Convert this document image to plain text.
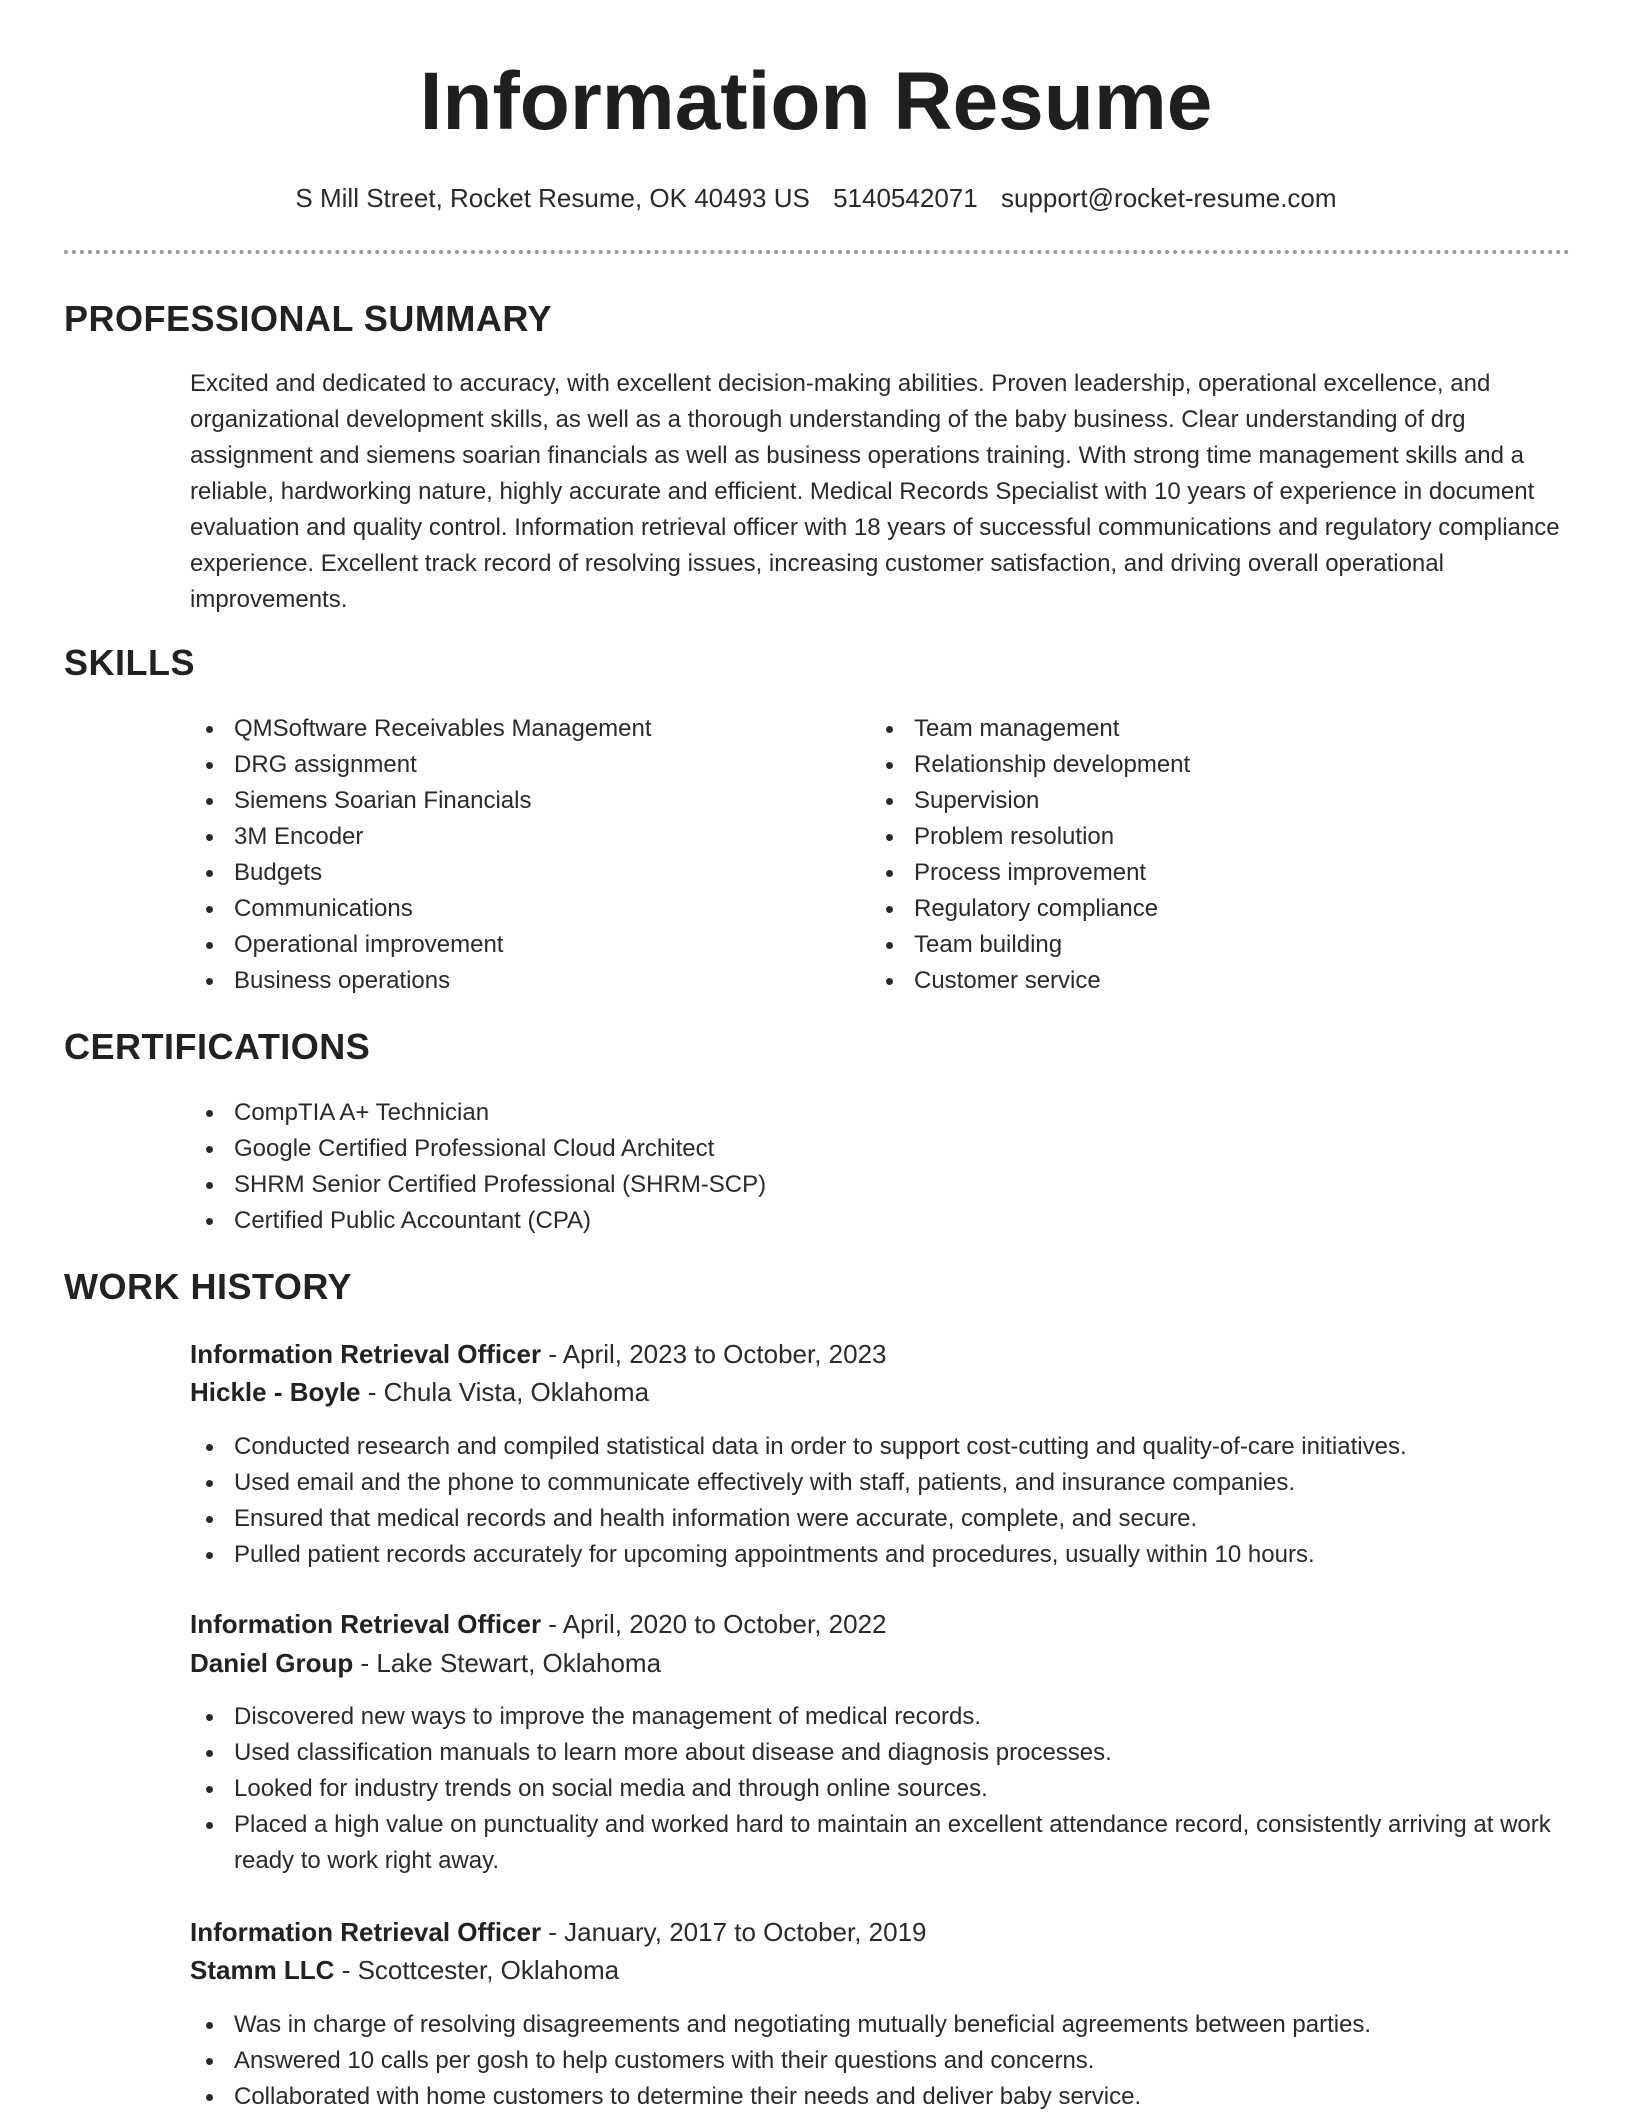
Information Resume
S Mill Street, Rocket Resume, OK 40493 US 5140542071 support@rocket-resume.com
PROFESSIONAL SUMMARY

Excited and dedicated to accuracy, with excellent decision-making abilities. Proven leadership, operational excellence, and organizational development skills, as well as a thorough understanding of the baby business. Clear understanding of drg assignment and siemens soarian financials as well as business operations training. With strong time management skills and a reliable, hardworking nature, highly accurate and efficient. Medical Records Specialist with 10 years of experience in document evaluation and quality control. Information retrieval officer with 18 years of successful communications and regulatory compliance experience. Excellent track record of resolving issues, increasing customer satisfaction, and driving overall operational improvements.

SKILLS
QMSoftware Receivables Management
DRG assignment
Siemens Soarian Financials
3M Encoder
Budgets
Communications
Operational improvement
Business operations
Team management
Relationship development
Supervision
Problem resolution
Process improvement
Regulatory compliance
Team building
Customer service
CERTIFICATIONS
CompTIA A+ Technician
Google Certified Professional Cloud Architect
SHRM Senior Certified Professional (SHRM-SCP)
Certified Public Accountant (CPA)
WORK HISTORY
Information Retrieval Officer - April, 2023 to October, 2023
Hickle - Boyle - Chula Vista, Oklahoma
Conducted research and compiled statistical data in order to support cost-cutting and quality-of-care initiatives.
Used email and the phone to communicate effectively with staff, patients, and insurance companies.
Ensured that medical records and health information were accurate, complete, and secure.
Pulled patient records accurately for upcoming appointments and procedures, usually within 10 hours.
Information Retrieval Officer - April, 2020 to October, 2022
Daniel Group - Lake Stewart, Oklahoma
Discovered new ways to improve the management of medical records.
Used classification manuals to learn more about disease and diagnosis processes.
Looked for industry trends on social media and through online sources.
Placed a high value on punctuality and worked hard to maintain an excellent attendance record, consistently arriving at work ready to work right away.
Information Retrieval Officer - January, 2017 to October, 2019
Stamm LLC - Scottcester, Oklahoma
Was in charge of resolving disagreements and negotiating mutually beneficial agreements between parties.
Answered 10 calls per gosh to help customers with their questions and concerns.
Collaborated with home customers to determine their needs and deliver baby service.
